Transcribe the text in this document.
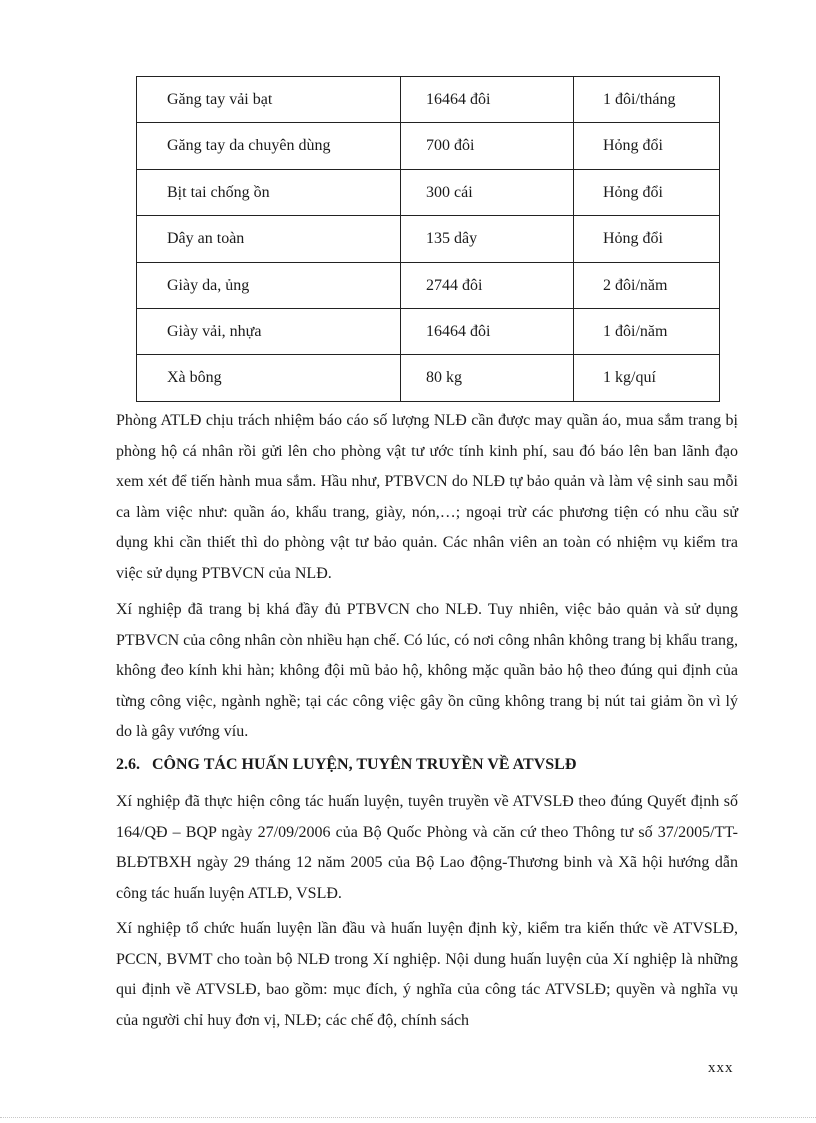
Găng tay vải bạt	16464 đôi	1 đôi/tháng
Găng tay da chuyên dùng	700 đôi	Hỏng đổi
Bịt tai chống ồn	300 cái	Hỏng đổi
Dây an toàn	135 dây	Hỏng đổi
Giày da, ủng	2744 đôi	2 đôi/năm
Giày vải, nhựa	16464 đôi	1 đôi/năm
Xà bông	80 kg	1 kg/quí

Phòng ATLĐ chịu trách nhiệm báo cáo số lượng NLĐ cần được may quần áo, mua sắm trang bị phòng hộ cá nhân rồi gửi lên cho phòng vật tư ước tính kinh phí, sau đó báo lên ban lãnh đạo xem xét để tiến hành mua sắm. Hầu như, PTBVCN do NLĐ tự bảo quản và làm vệ sinh sau mỗi ca làm việc như: quần áo, khẩu trang, giày, nón,…; ngoại trừ các phương tiện có nhu cầu sử dụng khi cần thiết thì do phòng vật tư bảo quản. Các nhân viên an toàn có nhiệm vụ kiểm tra việc sử dụng PTBVCN của NLĐ.

Xí nghiệp đã trang bị khá đầy đủ PTBVCN cho NLĐ. Tuy nhiên, việc bảo quản và sử dụng PTBVCN của công nhân còn nhiều hạn chế. Có lúc, có nơi công nhân không trang bị khẩu trang, không đeo kính khi hàn; không đội mũ bảo hộ, không mặc quần bảo hộ theo đúng qui định của từng công việc, ngành nghề; tại các công việc gây ồn cũng không trang bị nút tai giảm ồn vì lý do là gây vướng víu.

2.6. CÔNG TÁC HUẤN LUYỆN, TUYÊN TRUYỀN VỀ ATVSLĐ

Xí nghiệp đã thực hiện công tác huấn luyện, tuyên truyền về ATVSLĐ theo đúng Quyết định số 164/QĐ – BQP ngày 27/09/2006 của Bộ Quốc Phòng và căn cứ theo Thông tư số 37/2005/TT-BLĐTBXH ngày 29 tháng 12 năm 2005 của Bộ Lao động-Thương binh và Xã hội hướng dẫn công tác huấn luyện ATLĐ, VSLĐ.

Xí nghiệp tổ chức huấn luyện lần đầu và huấn luyện định kỳ, kiểm tra kiến thức về ATVSLĐ, PCCN, BVMT cho toàn bộ NLĐ trong Xí nghiệp. Nội dung huấn luyện của Xí nghiệp là những qui định về ATVSLĐ, bao gồm: mục đích, ý nghĩa của công tác ATVSLĐ; quyền và nghĩa vụ của người chỉ huy đơn vị, NLĐ; các chế độ, chính sách

xxx
